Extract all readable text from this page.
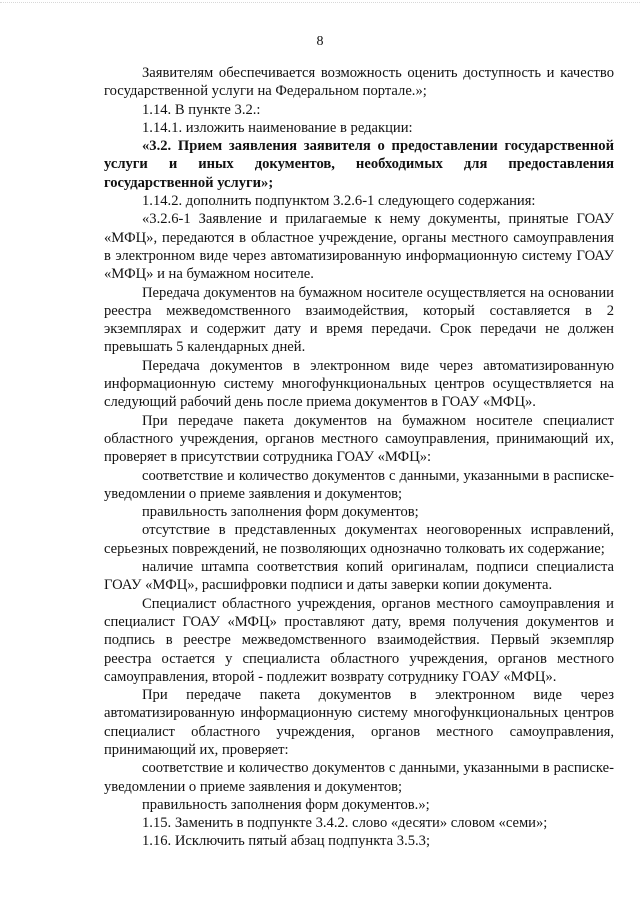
8

Заявителям обеспечивается возможность оценить доступность и качество государственной услуги на Федеральном портале.»;

1.14. В пункте 3.2.:

1.14.1. изложить наименование в редакции:

«3.2. Прием заявления заявителя о предоставлении государственной услуги и иных документов, необходимых для предоставления государственной услуги»;

1.14.2. дополнить подпунктом 3.2.6-1 следующего содержания:

«3.2.6-1 Заявление и прилагаемые к нему документы, принятые ГОАУ «МФЦ», передаются в областное учреждение, органы местного самоуправления в электронном виде через автоматизированную информационную систему ГОАУ «МФЦ» и на бумажном носителе.

Передача документов на бумажном носителе осуществляется на основании реестра межведомственного взаимодействия, который составляется в 2 экземплярах и содержит дату и время передачи. Срок передачи не должен превышать 5 календарных дней.

Передача документов в электронном виде через автоматизированную информационную систему многофункциональных центров осуществляется на следующий рабочий день после приема документов в ГОАУ «МФЦ».

При передаче пакета документов на бумажном носителе специалист областного учреждения, органов местного самоуправления, принимающий их, проверяет в присутствии сотрудника ГОАУ «МФЦ»:

соответствие и количество документов с данными, указанными в расписке-уведомлении о приеме заявления и документов;

правильность заполнения форм документов;

отсутствие в представленных документах неоговоренных исправлений, серьезных повреждений, не позволяющих однозначно толковать их содержание;

наличие штампа соответствия копий оригиналам, подписи специалиста ГОАУ «МФЦ», расшифровки подписи и даты заверки копии документа.

Специалист областного учреждения, органов местного самоуправления и специалист ГОАУ «МФЦ» проставляют дату, время получения документов и подпись в реестре межведомственного взаимодействия. Первый экземпляр реестра остается у специалиста областного учреждения, органов местного самоуправления, второй - подлежит возврату сотруднику ГОАУ «МФЦ».

При передаче пакета документов в электронном виде через автоматизированную информационную систему многофункциональных центров специалист областного учреждения, органов местного самоуправления, принимающий их, проверяет:

соответствие и количество документов с данными, указанными в расписке-уведомлении о приеме заявления и документов;

правильность заполнения форм документов.»;

1.15. Заменить в подпункте 3.4.2. слово «десяти» словом «семи»;

1.16. Исключить пятый абзац подпункта 3.5.3;
